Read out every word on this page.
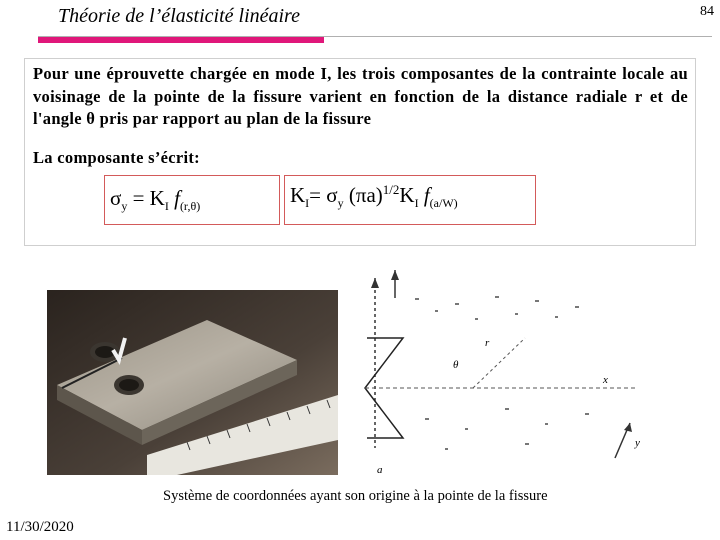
84
Théorie de l’élasticité linéaire
Pour une éprouvette chargée en mode I, les trois composantes de la contrainte locale au voisinage de la pointe de la fissure varient en fonction de la distance radiale r et de l'angle θ pris par rapport au plan de la fissure
La composante s’écrit:
$\sigma_y = K_I$ $f_{(r,\theta)}$	$K_I= \sigma_y$ $(\pi a)^{1/2}K_I$ $f_{(a/W)}$
θ
r
x
y
a
Système de coordonnées ayant son origine à la pointe de la fissure
11/30/2020
